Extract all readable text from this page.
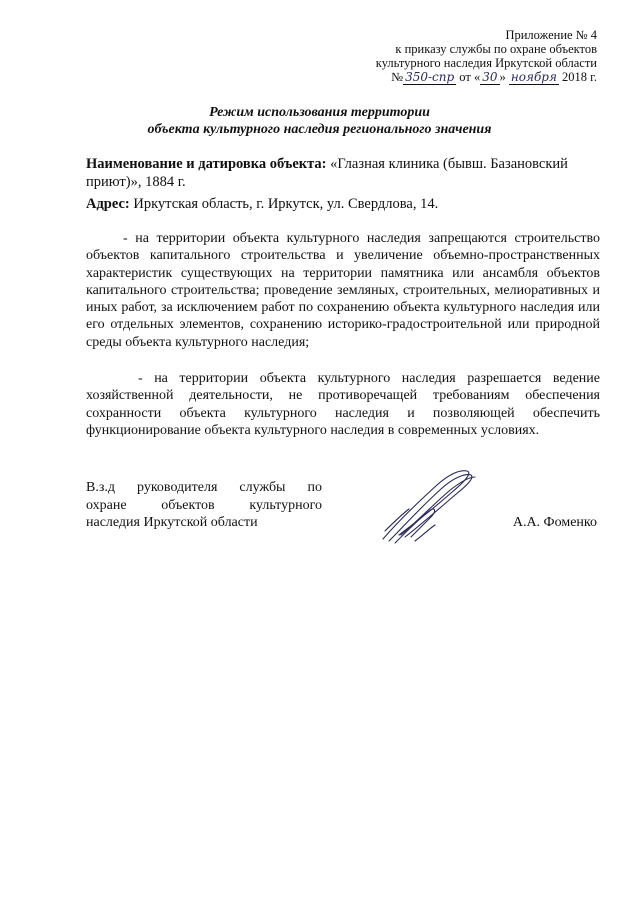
Приложение № 4
к приказу службы по охране объектов
культурного наследия Иркутской области
№ 350-спр от « 30 » ноября 2018 г.
Режим использования территории
объекта культурного наследия регионального значения
Наименование и датировка объекта: «Глазная клиника (бывш. Базановский приют)», 1884 г.
Адрес: Иркутская область, г. Иркутск, ул. Свердлова, 14.

- на территории объекта культурного наследия запрещаются строительство объектов капитального строительства и увеличение объемно-пространственных характеристик существующих на территории памятника или ансамбля объектов капитального строительства; проведение земляных, строительных, мелиоративных и иных работ, за исключением работ по сохранению объекта культурного наследия или его отдельных элементов, сохранению историко-градостроительной или природной среды объекта культурного наследия;

- на территории объекта культурного наследия разрешается ведение хозяйственной деятельности, не противоречащей требованиям обеспечения сохранности объекта культурного наследия и позволяющей обеспечить функционирование объекта культурного наследия в современных условиях.

В.з.д руководителя службы по
охране объектов культурного
наследия Иркутской области	А.А. Фоменко
